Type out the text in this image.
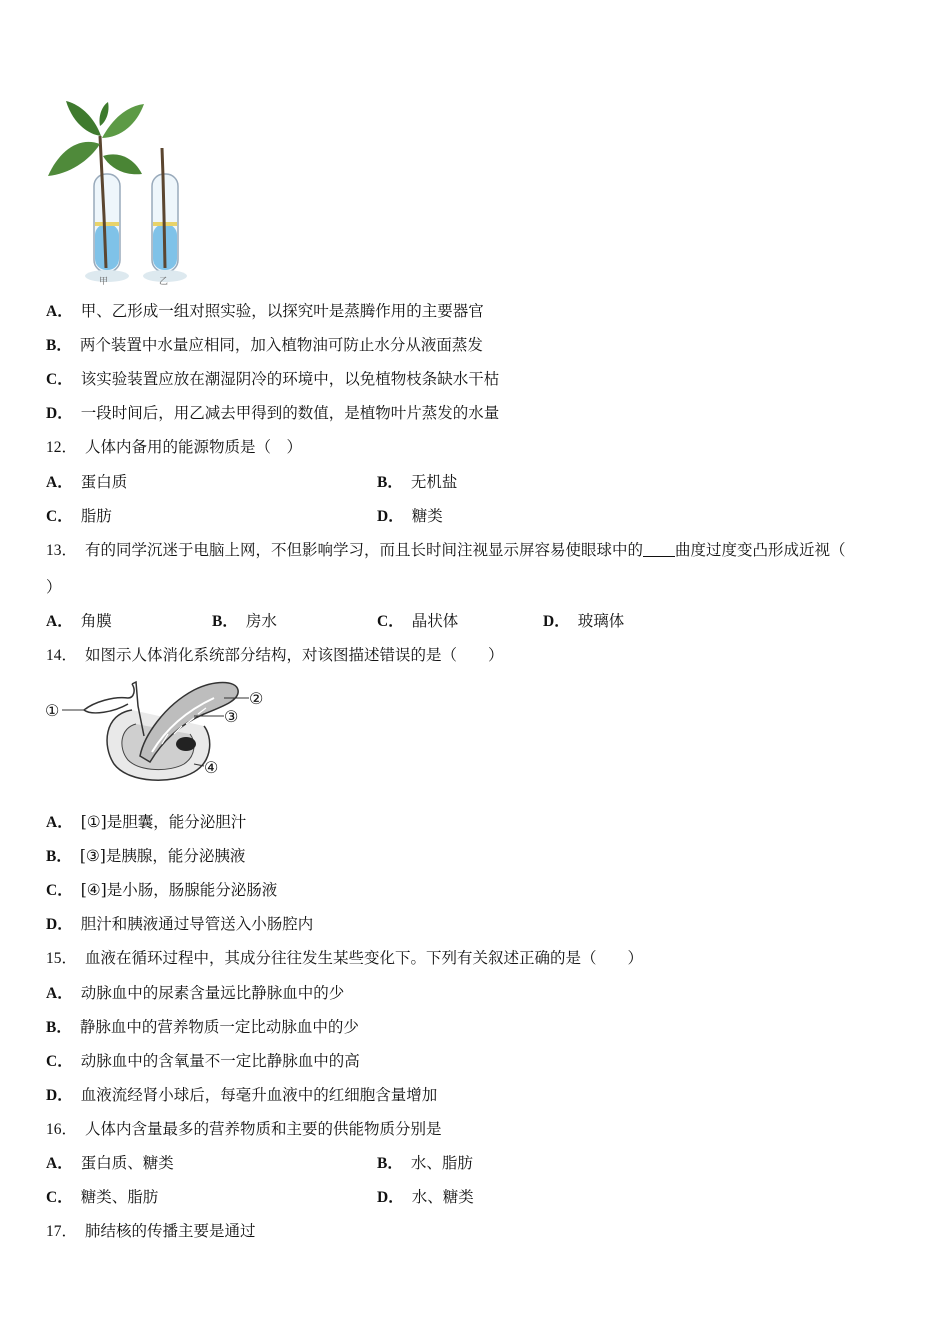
甲	乙
A． 甲、乙形成一组对照实验，以探究叶是蒸腾作用的主要器官
B． 两个装置中水量应相同，加入植物油可防止水分从液面蒸发
C． 该实验装置应放在潮湿阴冷的环境中，以免植物枝条缺水干枯
D． 一段时间后，用乙减去甲得到的数值，是植物叶片蒸发的水量
12． 人体内备用的能源物质是（　）
A． 蛋白质	B． 无机盐
C． 脂肪	D． 糖类
13． 有的同学沉迷于电脑上网，不但影响学习，而且长时间注视显示屏容易使眼球中的 曲度过度变凸形成近视（
）
A． 角膜	B． 房水	C． 晶状体	D． 玻璃体
14． 如图示人体消化系统部分结构，对该图描述错误的是（　　）
①
②
③
④
A． [①]是胆囊，能分泌胆汁
B． [③]是胰腺，能分泌胰液
C． [④]是小肠，肠腺能分泌肠液
D． 胆汁和胰液通过导管送入小肠腔内
15． 血液在循环过程中，其成分往往发生某些变化下。下列有关叙述正确的是（　　）
A． 动脉血中的尿素含量远比静脉血中的少
B． 静脉血中的营养物质一定比动脉血中的少
C． 动脉血中的含氧量不一定比静脉血中的高
D． 血液流经肾小球后，每毫升血液中的红细胞含量增加
16． 人体内含量最多的营养物质和主要的供能物质分别是
A． 蛋白质、糖类	B． 水、脂肪
C． 糖类、脂肪	D． 水、糖类
17． 肺结核的传播主要是通过
